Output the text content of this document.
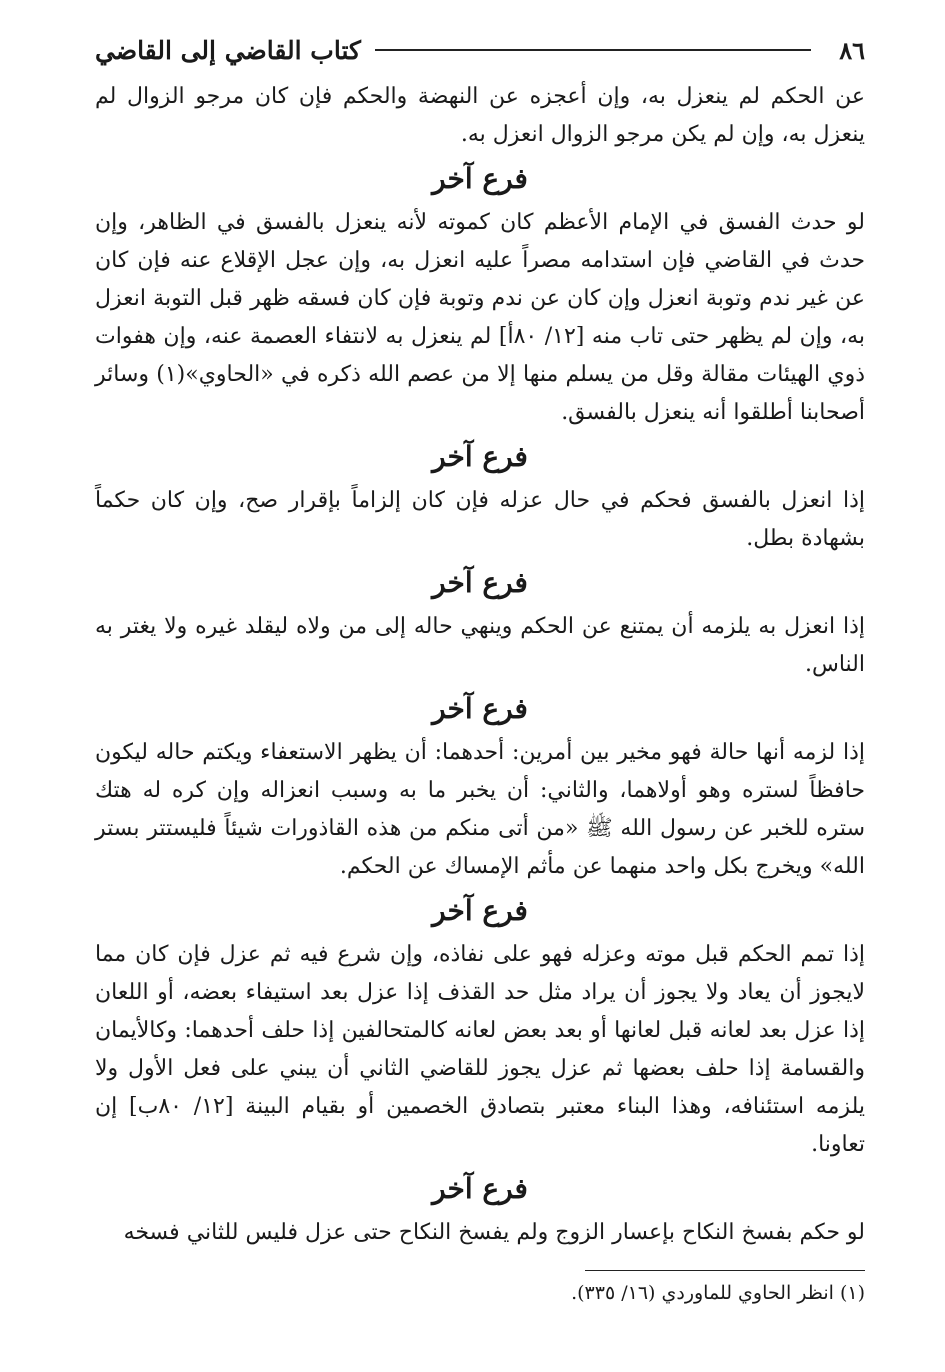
٨٦
كتاب القاضي إلى القاضي

عن الحكم لم ينعزل به، وإن أعجزه عن النهضة والحكم فإن كان مرجو الزوال لم ينعزل به، وإن لم يكن مرجو الزوال انعزل به.

فرع آخر

لو حدث الفسق في الإمام الأعظم كان كموته لأنه ينعزل بالفسق في الظاهر، وإن حدث في القاضي فإن استدامه مصراً عليه انعزل به، وإن عجل الإقلاع عنه فإن كان عن غير ندم وتوبة انعزل وإن كان عن ندم وتوبة فإن كان فسقه ظهر قبل التوبة انعزل به، وإن لم يظهر حتى تاب منه [١٢/ ٨٠أ] لم ينعزل به لانتفاء العصمة عنه، وإن هفوات ذوي الهيئات مقالة وقل من يسلم منها إلا من عصم الله ذكره في «الحاوي»(١) وسائر أصحابنا أطلقوا أنه ينعزل بالفسق.

فرع آخر

إذا انعزل بالفسق فحكم في حال عزله فإن كان إلزاماً بإقرار صح، وإن كان حكماً بشهادة بطل.

فرع آخر

إذا انعزل به يلزمه أن يمتنع عن الحكم وينهي حاله إلى من ولاه ليقلد غيره ولا يغتر به الناس.

فرع آخر

إذا لزمه أنها حالة فهو مخير بين أمرين: أحدهما: أن يظهر الاستعفاء ويكتم حاله ليكون حافظاً لستره وهو أولاهما، والثاني: أن يخبر ما به وسبب انعزاله وإن كره له هتك ستره للخبر عن رسول الله ﷺ «من أتى منكم من هذه القاذورات شيئاً فليستتر بستر الله» ويخرج بكل واحد منهما عن مأثم الإمساك عن الحكم.

فرع آخر

إذا تمم الحكم قبل موته وعزله فهو على نفاذه، وإن شرع فيه ثم عزل فإن كان مما لايجوز أن يعاد ولا يجوز أن يراد مثل حد القذف إذا عزل بعد استيفاء بعضه، أو اللعان إذا عزل بعد لعانه قبل لعانها أو بعد بعض لعانه كالمتحالفين إذا حلف أحدهما: وكالأيمان والقسامة إذا حلف بعضها ثم عزل يجوز للقاضي الثاني أن يبني على فعل الأول ولا يلزمه استئنافه، وهذا البناء معتبر بتصادق الخصمين أو بقيام البينة [١٢/ ٨٠ب] إن تعاونا.

فرع آخر

لو حكم بفسخ النكاح بإعسار الزوج ولم يفسخ النكاح حتى عزل فليس للثاني فسخه

(١) انظر الحاوي للماوردي (١٦/ ٣٣٥).
